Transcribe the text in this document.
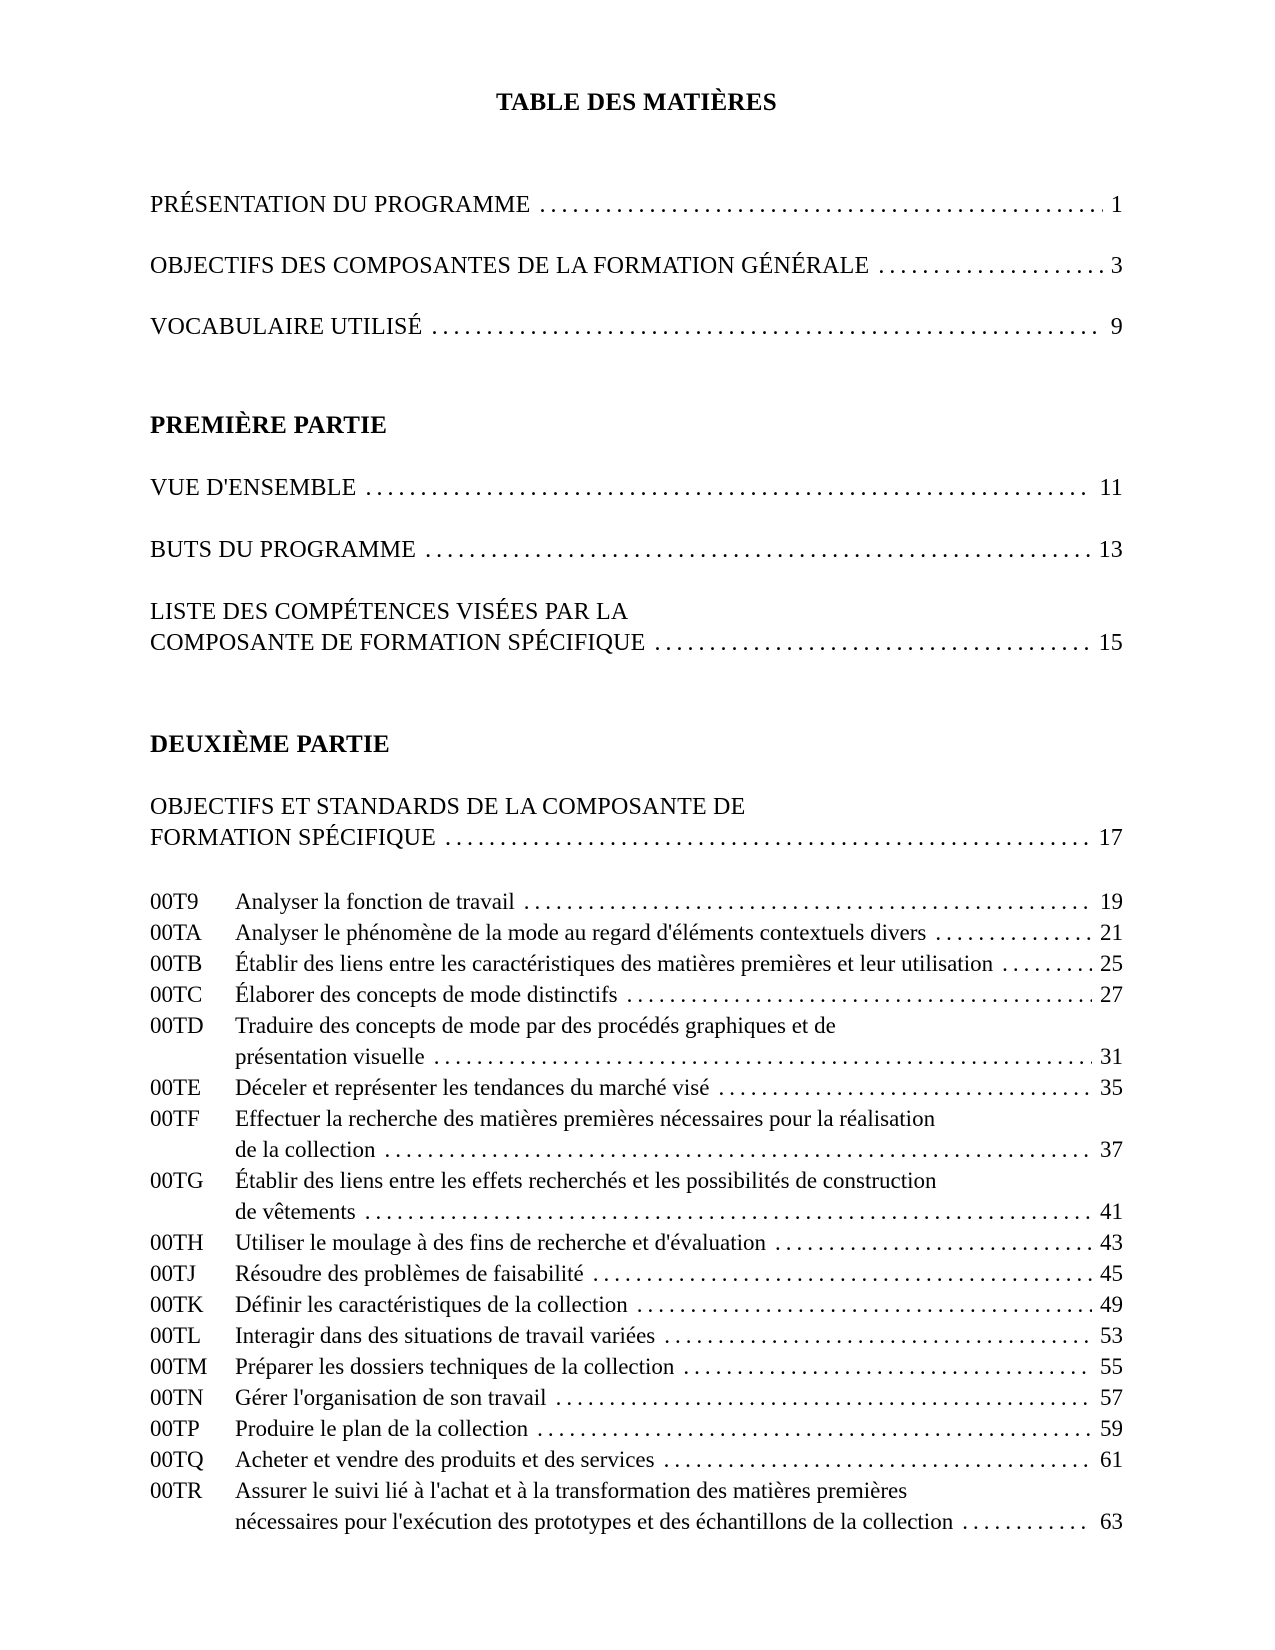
TABLE DES MATIÈRES
PRÉSENTATION DU PROGRAMME .....	1
OBJECTIFS DES COMPOSANTES DE LA FORMATION GÉNÉRALE .....	3
VOCABULAIRE UTILISÉ .....	9
PREMIÈRE PARTIE
VUE D'ENSEMBLE .....	11
BUTS DU PROGRAMME .....	13
LISTE DES COMPÉTENCES VISÉES PAR LA
COMPOSANTE DE FORMATION SPÉCIFIQUE .....	15
DEUXIÈME PARTIE
OBJECTIFS ET STANDARDS DE LA COMPOSANTE DE
FORMATION SPÉCIFIQUE .....	17
00T9	Analyser la fonction de travail .....	19
00TA	Analyser le phénomène de la mode au regard d'éléments contextuels divers .....	21
00TB	Établir des liens entre les caractéristiques des matières premières et leur utilisation .....	25
00TC	Élaborer des concepts de mode distinctifs .....	27
00TD	Traduire des concepts de mode par des procédés graphiques et de
présentation visuelle .....	31
00TE	Déceler et représenter les tendances du marché visé .....	35
00TF	Effectuer la recherche des matières premières nécessaires pour la réalisation
de la collection .....	37
00TG	Établir des liens entre les effets recherchés et les possibilités de construction
de vêtements .....	41
00TH	Utiliser le moulage à des fins de recherche et d'évaluation .....	43
00TJ	Résoudre des problèmes de faisabilité .....	45
00TK	Définir les caractéristiques de la collection .....	49
00TL	Interagir dans des situations de travail variées .....	53
00TM	Préparer les dossiers techniques de la collection .....	55
00TN	Gérer l'organisation de son travail .....	57
00TP	Produire le plan de la collection .....	59
00TQ	Acheter et vendre des produits et des services .....	61
00TR	Assurer le suivi lié à l'achat et à la transformation des matières premières
nécessaires pour l'exécution des prototypes et des échantillons de la collection .....	63
